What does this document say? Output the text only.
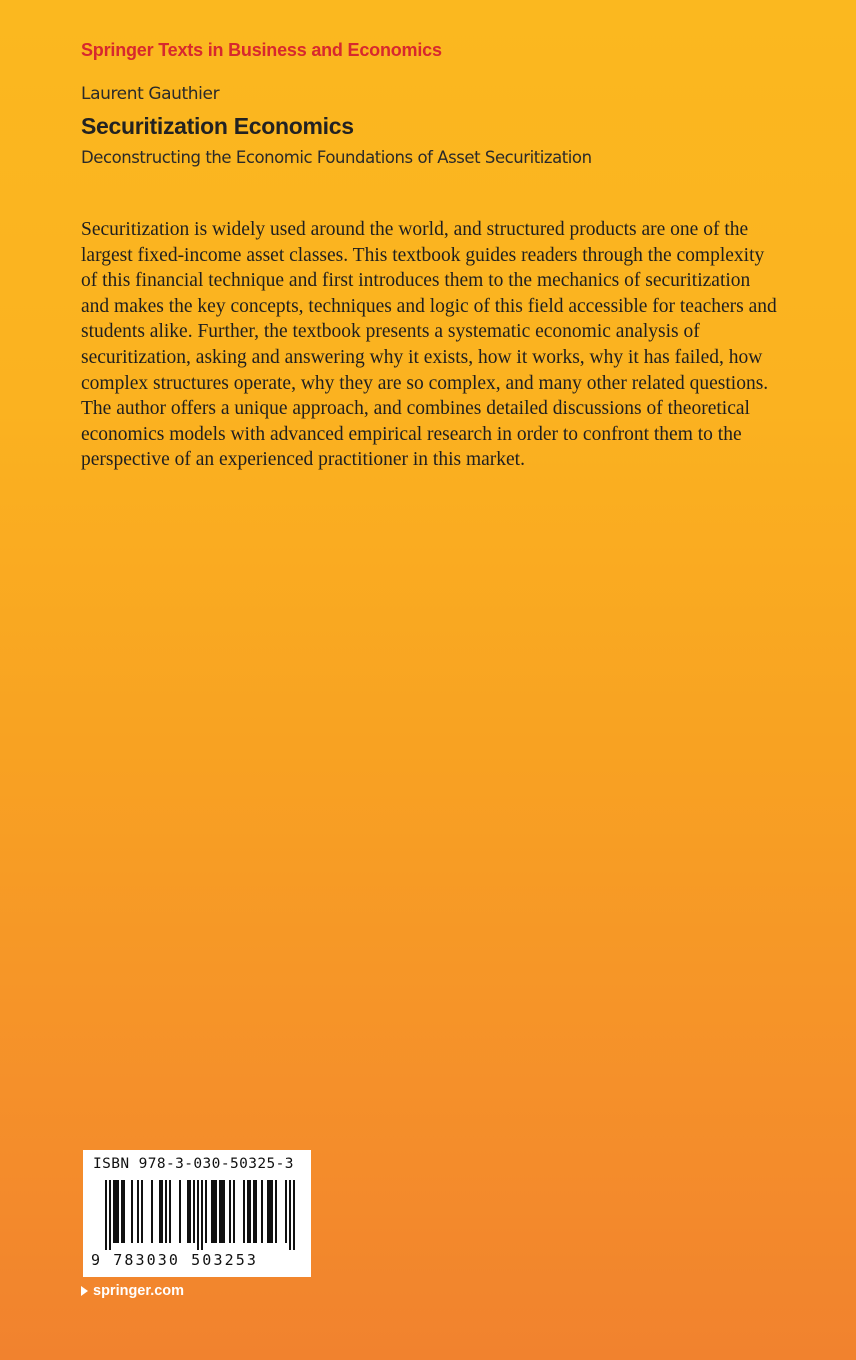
Springer Texts in Business and Economics
Laurent Gauthier
Securitization Economics
Deconstructing the Economic Foundations of Asset Securitization

Securitization is widely used around the world, and structured products are one of the largest fixed-income asset classes. This textbook guides readers through the complexity of this financial technique and first introduces them to the mechanics of securitization and makes the key concepts, techniques and logic of this field accessible for teachers and students alike. Further, the textbook presents a systematic economic analysis of securitization, asking and answering why it exists, how it works, why it has failed, how complex structures operate, why they are so complex, and many other related questions. The author offers a unique approach, and combines detailed discussions of theoretical economics models with advanced empirical research in order to confront them to the perspective of an experienced practitioner in this market.

ISBN 978-3-030-50325-3
9 783030 503253
springer.com
